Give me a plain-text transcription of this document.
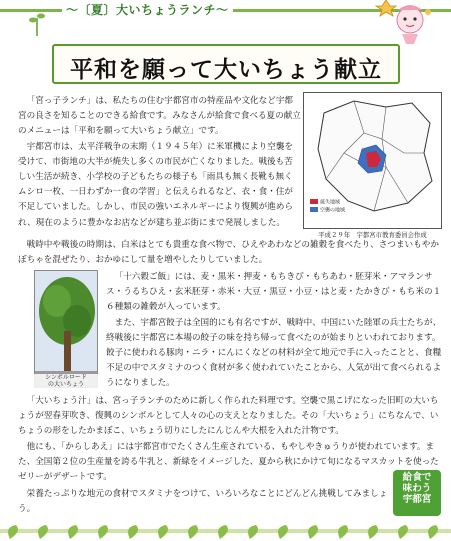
～〔夏〕大いちょうランチ～
平和を願って大いちょう献立
「宮っ子ランチ」は、私たちの住む宇都宮市の特産品や文化など宇都宮の良さを知ることのできる給食です。みなさんが給食で食べる夏の献立のメニューは「平和を願って大いちょう献立」です。
宇都宮市は、太平洋戦争の末期（１９４５年）に米軍機により空襲を受けて、市街地の大半が焼失し多くの市民が亡くなりました。戦後も苦しい生活が続き、小学校の子どもたちの様子も「雨具も無く長靴も無くムシロ一枚、一日わずか一食の学習」と伝えられるなど、衣・食・住が不足していました。しかし、市民の強いエネルギーにより復興が進められ、現在のように豊かなお店などが建ち並ぶ街にまで発展しました。
焼失地域
空襲の地域
平成２９年　宇都宮市教育委員会作成
戦時中や戦後の時期は、白米はとても貴重な食べ物で、ひえやあわなどの雑穀を食べたり、さつまいもやかぼちゃを混ぜたり、おかゆにして量を増やしたりしていました。
シンボルロード
の大いちょう
「十六穀ご飯」には、麦・黒米・押麦・もちきび・もちあわ・胚芽米・アマランサス・うるちひえ・玄米胚芽・赤米・大豆・黒豆・小豆・はと麦・たかきび・もち米の１６種類の雑穀が入っています。
また、宇都宮餃子は全国的にも有名ですが、戦時中、中国にいた陸軍の兵士たちが、終戦後に宇都宮に本場の餃子の味を持ち帰って食べたのが始まりといわれております。餃子に使われる豚肉・ニラ・にんにくなどの材料が全て地元で手に入ったことと、食糧不足の中でスタミナのつく食材が多く使われていたことから、人気が出て食べられるようになりました。
「大いちょう汁」は、宮っ子ランチのために新しく作られた料理です。空襲で黒こげになった旧町の大いちょうが翌春芽吹き、復興のシンボルとして人々の心の支えとなりました。その「大いちょう」にちなんで、いちょうの形をしたかまぼこ、いちょう切りにしたにんじんや大根を入れた汁物です。
他にも、「からしあえ」には宇都宮市でたくさん生産されている、もやしやきゅうりが使われています。また、全国第２位の生産量を誇る牛乳と、新緑をイメージした、夏から秋にかけて旬になるマスカットを使ったゼリーがデザートです。
栄養たっぷりな地元の食材でスタミナをつけて、いろいろなことにどんどん挑戦してみましょう。
給食で
味わう
宇都宮
